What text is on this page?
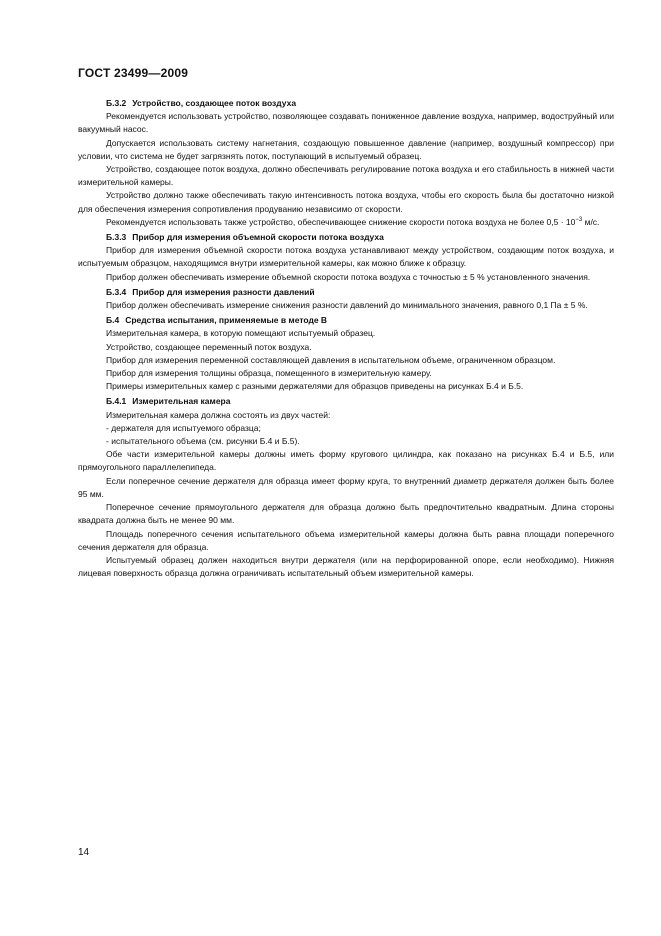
ГОСТ 23499—2009

Б.3.2 Устройство, создающее поток воздуха

Рекомендуется использовать устройство, позволяющее создавать пониженное давление воздуха, например, водоструйный или вакуумный насос.

Допускается использовать систему нагнетания, создающую повышенное давление (например, воздушный компрессор) при условии, что система не будет загрязнять поток, поступающий в испытуемый образец.

Устройство, создающее поток воздуха, должно обеспечивать регулирование потока воздуха и его стабильность в нижней части измерительной камеры.

Устройство должно также обеспечивать такую интенсивность потока воздуха, чтобы его скорость была бы достаточно низкой для обеспечения измерения сопротивления продуванию независимо от скорости.

Рекомендуется использовать также устройство, обеспечивающее снижение скорости потока воздуха не более $0,5 \cdot 10^{-3}$ м/с.

Б.3.3 Прибор для измерения объемной скорости потока воздуха

Прибор для измерения объемной скорости потока воздуха устанавливают между устройством, создающим поток воздуха, и испытуемым образцом, находящимся внутри измерительной камеры, как можно ближе к образцу.

Прибор должен обеспечивать измерение объемной скорости потока воздуха с точностью ± 5 % установленного значения.

Б.3.4 Прибор для измерения разности давлений

Прибор должен обеспечивать измерение снижения разности давлений до минимального значения, равного 0,1 Па ± 5 %.

Б.4 Средства испытания, применяемые в методе В

Измерительная камера, в которую помещают испытуемый образец.

Устройство, создающее переменный поток воздуха.

Прибор для измерения переменной составляющей давления в испытательном объеме, ограниченном образцом.

Прибор для измерения толщины образца, помещенного в измерительную камеру.

Примеры измерительных камер с разными держателями для образцов приведены на рисунках Б.4 и Б.5.

Б.4.1 Измерительная камера

Измерительная камера должна состоять из двух частей:

- держателя для испытуемого образца;

- испытательного объема (см. рисунки Б.4 и Б.5).

Обе части измерительной камеры должны иметь форму кругового цилиндра, как показано на рисунках Б.4 и Б.5, или прямоугольного параллелепипеда.

Если поперечное сечение держателя для образца имеет форму круга, то внутренний диаметр держателя должен быть более 95 мм.

Поперечное сечение прямоугольного держателя для образца должно быть предпочтительно квадратным. Длина стороны квадрата должна быть не менее 90 мм.

Площадь поперечного сечения испытательного объема измерительной камеры должна быть равна площади поперечного сечения держателя для образца.

Испытуемый образец должен находиться внутри держателя (или на перфорированной опоре, если необходимо). Нижняя лицевая поверхность образца должна ограничивать испытательный объем измерительной камеры.

14
